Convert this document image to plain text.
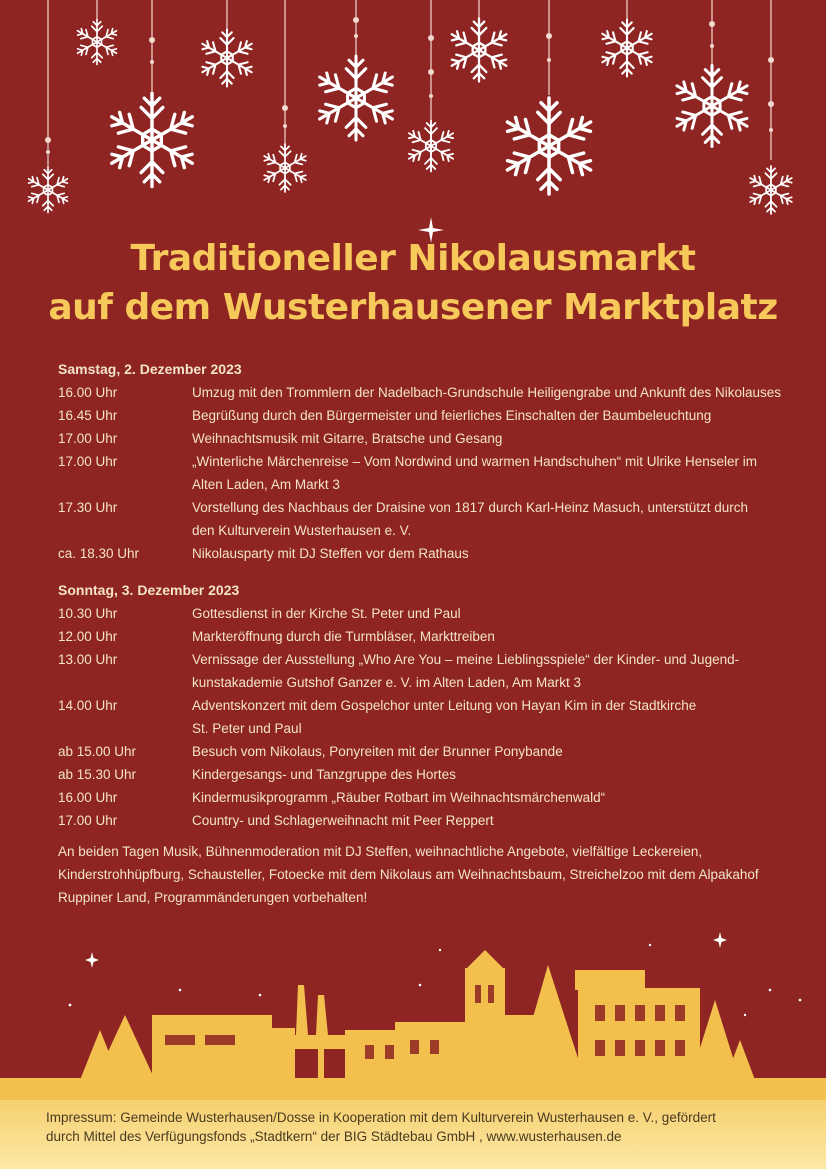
Traditioneller Nikolausmarkt
auf dem Wusterhausener Marktplatz
Samstag, 2. Dezember 2023
16.00 Uhr	Umzug mit den Trommlern der Nadelbach-Grundschule Heiligengrabe und Ankunft des Nikolauses
16.45 Uhr	Begrüßung durch den Bürgermeister und feierliches Einschalten der Baumbeleuchtung
17.00 Uhr	Weihnachtsmusik mit Gitarre, Bratsche und Gesang
17.00 Uhr	„Winterliche Märchenreise – Vom Nordwind und warmen Handschuhen“ mit Ulrike Henseler im
Alten Laden, Am Markt 3
17.30 Uhr	Vorstellung des Nachbaus der Draisine von 1817 durch Karl-Heinz Masuch, unterstützt durch
den Kulturverein Wusterhausen e. V.
ca. 18.30 Uhr	Nikolausparty mit DJ Steffen vor dem Rathaus
Sonntag, 3. Dezember 2023
10.30 Uhr	Gottesdienst in der Kirche St. Peter und Paul
12.00 Uhr	Markteröffnung durch die Turmbläser, Markttreiben
13.00 Uhr	Vernissage der Ausstellung „Who Are You – meine Lieblingsspiele“ der Kinder- und Jugend-
kunstakademie Gutshof Ganzer e. V. im Alten Laden, Am Markt 3
14.00 Uhr	Adventskonzert mit dem Gospelchor unter Leitung von Hayan Kim in der Stadtkirche
St. Peter und Paul
ab 15.00 Uhr	Besuch vom Nikolaus, Ponyreiten mit der Brunner Ponybande
ab 15.30 Uhr	Kindergesangs- und Tanzgruppe des Hortes
16.00 Uhr	Kindermusikprogramm „Räuber Rotbart im Weihnachtsmärchenwald“
17.00 Uhr	Country- und Schlagerweihnacht mit Peer Reppert
An beiden Tagen Musik, Bühnenmoderation mit DJ Steffen, weihnachtliche Angebote, vielfältige Leckereien,
Kinderstrohhüpfburg, Schausteller, Fotoecke mit dem Nikolaus am Weihnachtsbaum, Streichelzoo mit dem Alpakahof
Ruppiner Land, Programmänderungen vorbehalten!
Impressum: Gemeinde Wusterhausen/Dosse in Kooperation mit dem Kulturverein Wusterhausen e. V., gefördert
durch Mittel des Verfügungsfonds „Stadtkern“ der BIG Städtebau GmbH , www.wusterhausen.de
